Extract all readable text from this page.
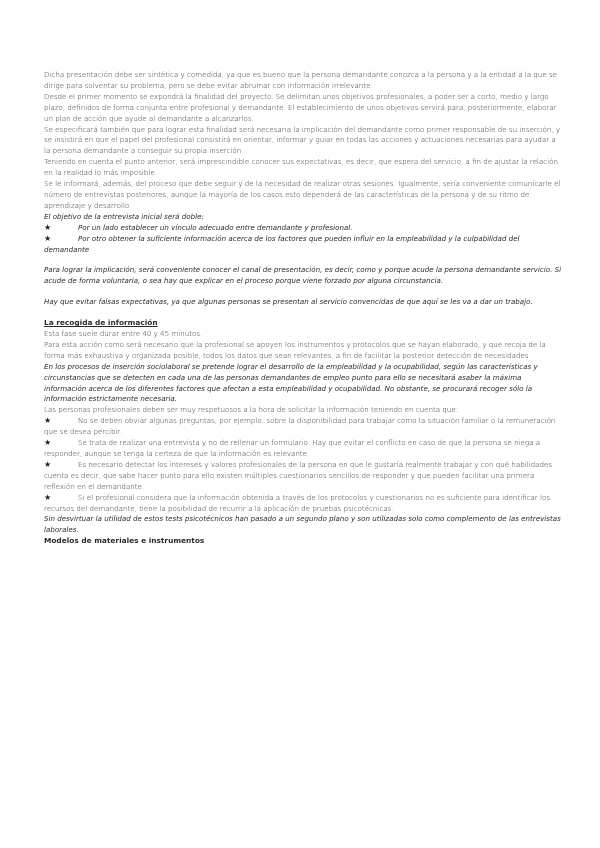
Dicha presentación debe ser sintética y comedida, ya que es bueno que la persona demandante conozca a la persona y a la entidad a la que se dirige para solventar su problema, pero se debe evitar abrumar con información irrelevante.

Desde el primer momento se expondrá la finalidad del proyecto. Se delimitan unos objetivos profesionales, a poder ser a corto, medio y largo plazo, definidos de forma conjunta entre profesional y demandante. El establecimiento de unos objetivos servirá para, posteriormente, elaborar un plan de acción que ayude al demandante a alcanzarlos.

Se especificará también que para lograr esta finalidad será necesaria la implicación del demandante como primer responsable de su inserción, y se insistirá en que el papel del profesional consistirá en orientar, informar y guiar en todas las acciones y actuaciones necesarias para ayudar a la persona demandante a conseguir su propia inserción.

Teniendo en cuenta el punto anterior, será imprescindible conocer sus expectativas, es decir, que espera del servicio, a fin de ajustar la relación en la realidad lo más imposible.

Se le informará, además, del proceso que debe seguir y de la necesidad de realizar otras sesiones. Igualmente, sería conveniente comunicarle el número de entrevistas posteriores, aunque la mayoría de los casos esto dependerá de las características de la persona y de su ritmo de aprendizaje y desarrollo.

El objetivo de la entrevista inicial será doble:

★	Por un lado establecer un vínculo adecuado entre demandante y profesional.
★	Por otro obtener la suficiente información acerca de los factores que pueden influir en la empleabilidad y la culpabilidad del demandante

Para lograr la implicación, será conveniente conocer el canal de presentación, es decir, como y porque acude la persona demandante servicio. Si acude de forma voluntaria, o sea hay que explicar en el proceso porque viene forzado por alguna circunstancia.

Hay que evitar falsas expectativas, ya que algunas personas se presentan al servicio convencidas de que aquí se les va a dar un trabajo.

La recogida de información

Esta fase suele durar entre 40 y 45 minutos.

Para esta acción como será necesario que la profesional se apoyen los instrumentos y protocolos que se hayan elaborado, y que recoja de la forma más exhaustiva y organizada posible, todos los datos que sean relevantes, a fin de facilitar la posterior detección de necesidades.

En los procesos de inserción sociolaboral se pretende lograr el desarrollo de la empleabilidad y la ocupabilidad, según las características y circunstancias que se detecten en cada una de las personas demandantes de empleo punto para ello se necesitará asaber la máxima información acerca de los diferentes factores que afectan a esta empleabilidad y ocupabilidad. No obstante, se procurará recoger sólo la información estrictamente necesaria.

Las personas profesionales deben ser muy respetuosos a la hora de solicitar la información teniendo en cuenta que:

★	No se deben obviar algunas preguntas, por ejemplo: sobre la disponibilidad para trabajar como la situación familiar o la remuneración que se desea percibir.
★	Se trata de realizar una entrevista y no de rellenar un formulario. Hay que evitar el conflicto en caso de que la persona se niega a responder, aunque se tenga la certeza de que la información es relevante.
★	Es necesario detectar los intereses y valores profesionales de la persona en que le gustaría realmente trabajar y con qué habilidades cuenta es decir, que sabe hacer punto para ello existen múltiples cuestionarios sencillos de responder y que pueden facilitar una primera reflexión en el demandante.
★	Si el profesional considera que la información obtenida a través de los protocolos y cuestionarios no es suficiente para identificar los recursos del demandante, tiene la posibilidad de recurrir a la aplicación de pruebas psicotécnicas.

Sin desvirtuar la utilidad de estos tests psicotécnicos han pasado a un segundo plano y son utilizadas solo como complemento de las entrevistas laborales.

Modelos de materiales e instrumentos
